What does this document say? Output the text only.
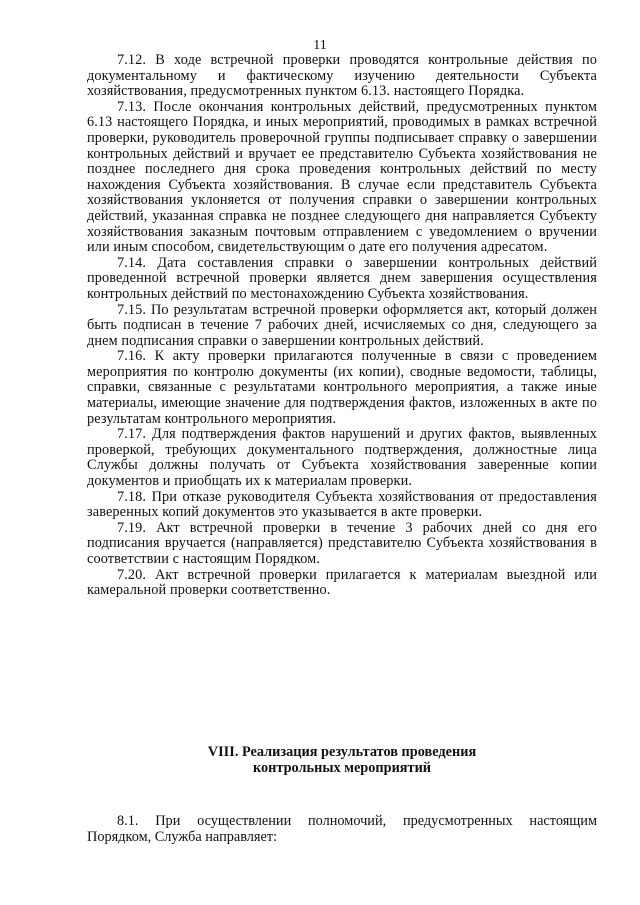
11

7.12. В ходе встречной проверки проводятся контрольные действия по документальному и фактическому изучению деятельности Субъекта хозяйствования, предусмотренных пунктом 6.13. настоящего Порядка.

7.13. После окончания контрольных действий, предусмотренных пунктом 6.13 настоящего Порядка, и иных мероприятий, проводимых в рамках встречной проверки, руководитель проверочной группы подписывает справку о завершении контрольных действий и вручает ее представителю Субъекта хозяйствования не позднее последнего дня срока проведения контрольных действий по месту нахождения Субъекта хозяйствования. В случае если представитель Субъекта хозяйствования уклоняется от получения справки о завершении контрольных действий, указанная справка не позднее следующего дня направляется Субъекту хозяйствования заказным почтовым отправлением с уведомлением о вручении или иным способом, свидетельствующим о дате его получения адресатом.

7.14. Дата составления справки о завершении контрольных действий проведенной встречной проверки является днем завершения осуществления контрольных действий по местонахождению Субъекта хозяйствования.

7.15. По результатам встречной проверки оформляется акт, который должен быть подписан в течение 7 рабочих дней, исчисляемых со дня, следующего за днем подписания справки о завершении контрольных действий.

7.16. К акту проверки прилагаются полученные в связи с проведением мероприятия по контролю документы (их копии), сводные ведомости, таблицы, справки, связанные с результатами контрольного мероприятия, а также иные материалы, имеющие значение для подтверждения фактов, изложенных в акте по результатам контрольного мероприятия.

7.17. Для подтверждения фактов нарушений и других фактов, выявленных проверкой, требующих документального подтверждения, должностные лица Службы должны получать от Субъекта хозяйствования заверенные копии документов и приобщать их к материалам проверки.

7.18. При отказе руководителя Субъекта хозяйствования от предоставления заверенных копий документов это указывается в акте проверки.

7.19. Акт встречной проверки в течение 3 рабочих дней со дня его подписания вручается (направляется) представителю Субъекта хозяйствования в соответствии с настоящим Порядком.

7.20. Акт встречной проверки прилагается к материалам выездной или камеральной проверки соответственно.

VIII. Реализация результатов проведения
контрольных мероприятий

8.1. При осуществлении полномочий, предусмотренных настоящим Порядком, Служба направляет:
